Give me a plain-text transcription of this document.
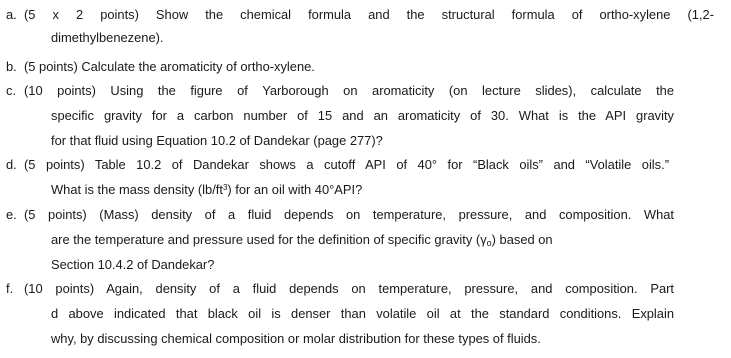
a. (5 x 2 points) Show the chemical formula and the structural formula of ortho-xylene (1,2-
dimethylbenezene).
b. (5 points) Calculate the aromaticity of ortho-xylene.
c. (10 points) Using the figure of Yarborough on aromaticity (on lecture slides), calculate the
specific gravity for a carbon number of 15 and an aromaticity of 30. What is the API gravity
for that fluid using Equation 10.2 of Dandekar (page 277)?
d. (5 points) Table 10.2 of Dandekar shows a cutoff API of 40° for “Black oils” and “Volatile oils.”
What is the mass density $(lb/ft^3)$ for an oil with 40°API?
e. (5 points) (Mass) density of a fluid depends on temperature, pressure, and composition. What
are the temperature and pressure used for the definition of specific gravity (γo) based on
Section 10.4.2 of Dandekar?
f. (10 points) Again, density of a fluid depends on temperature, pressure, and composition. Part
d above indicated that black oil is denser than volatile oil at the standard conditions. Explain
why, by discussing chemical composition or molar distribution for these types of fluids.
